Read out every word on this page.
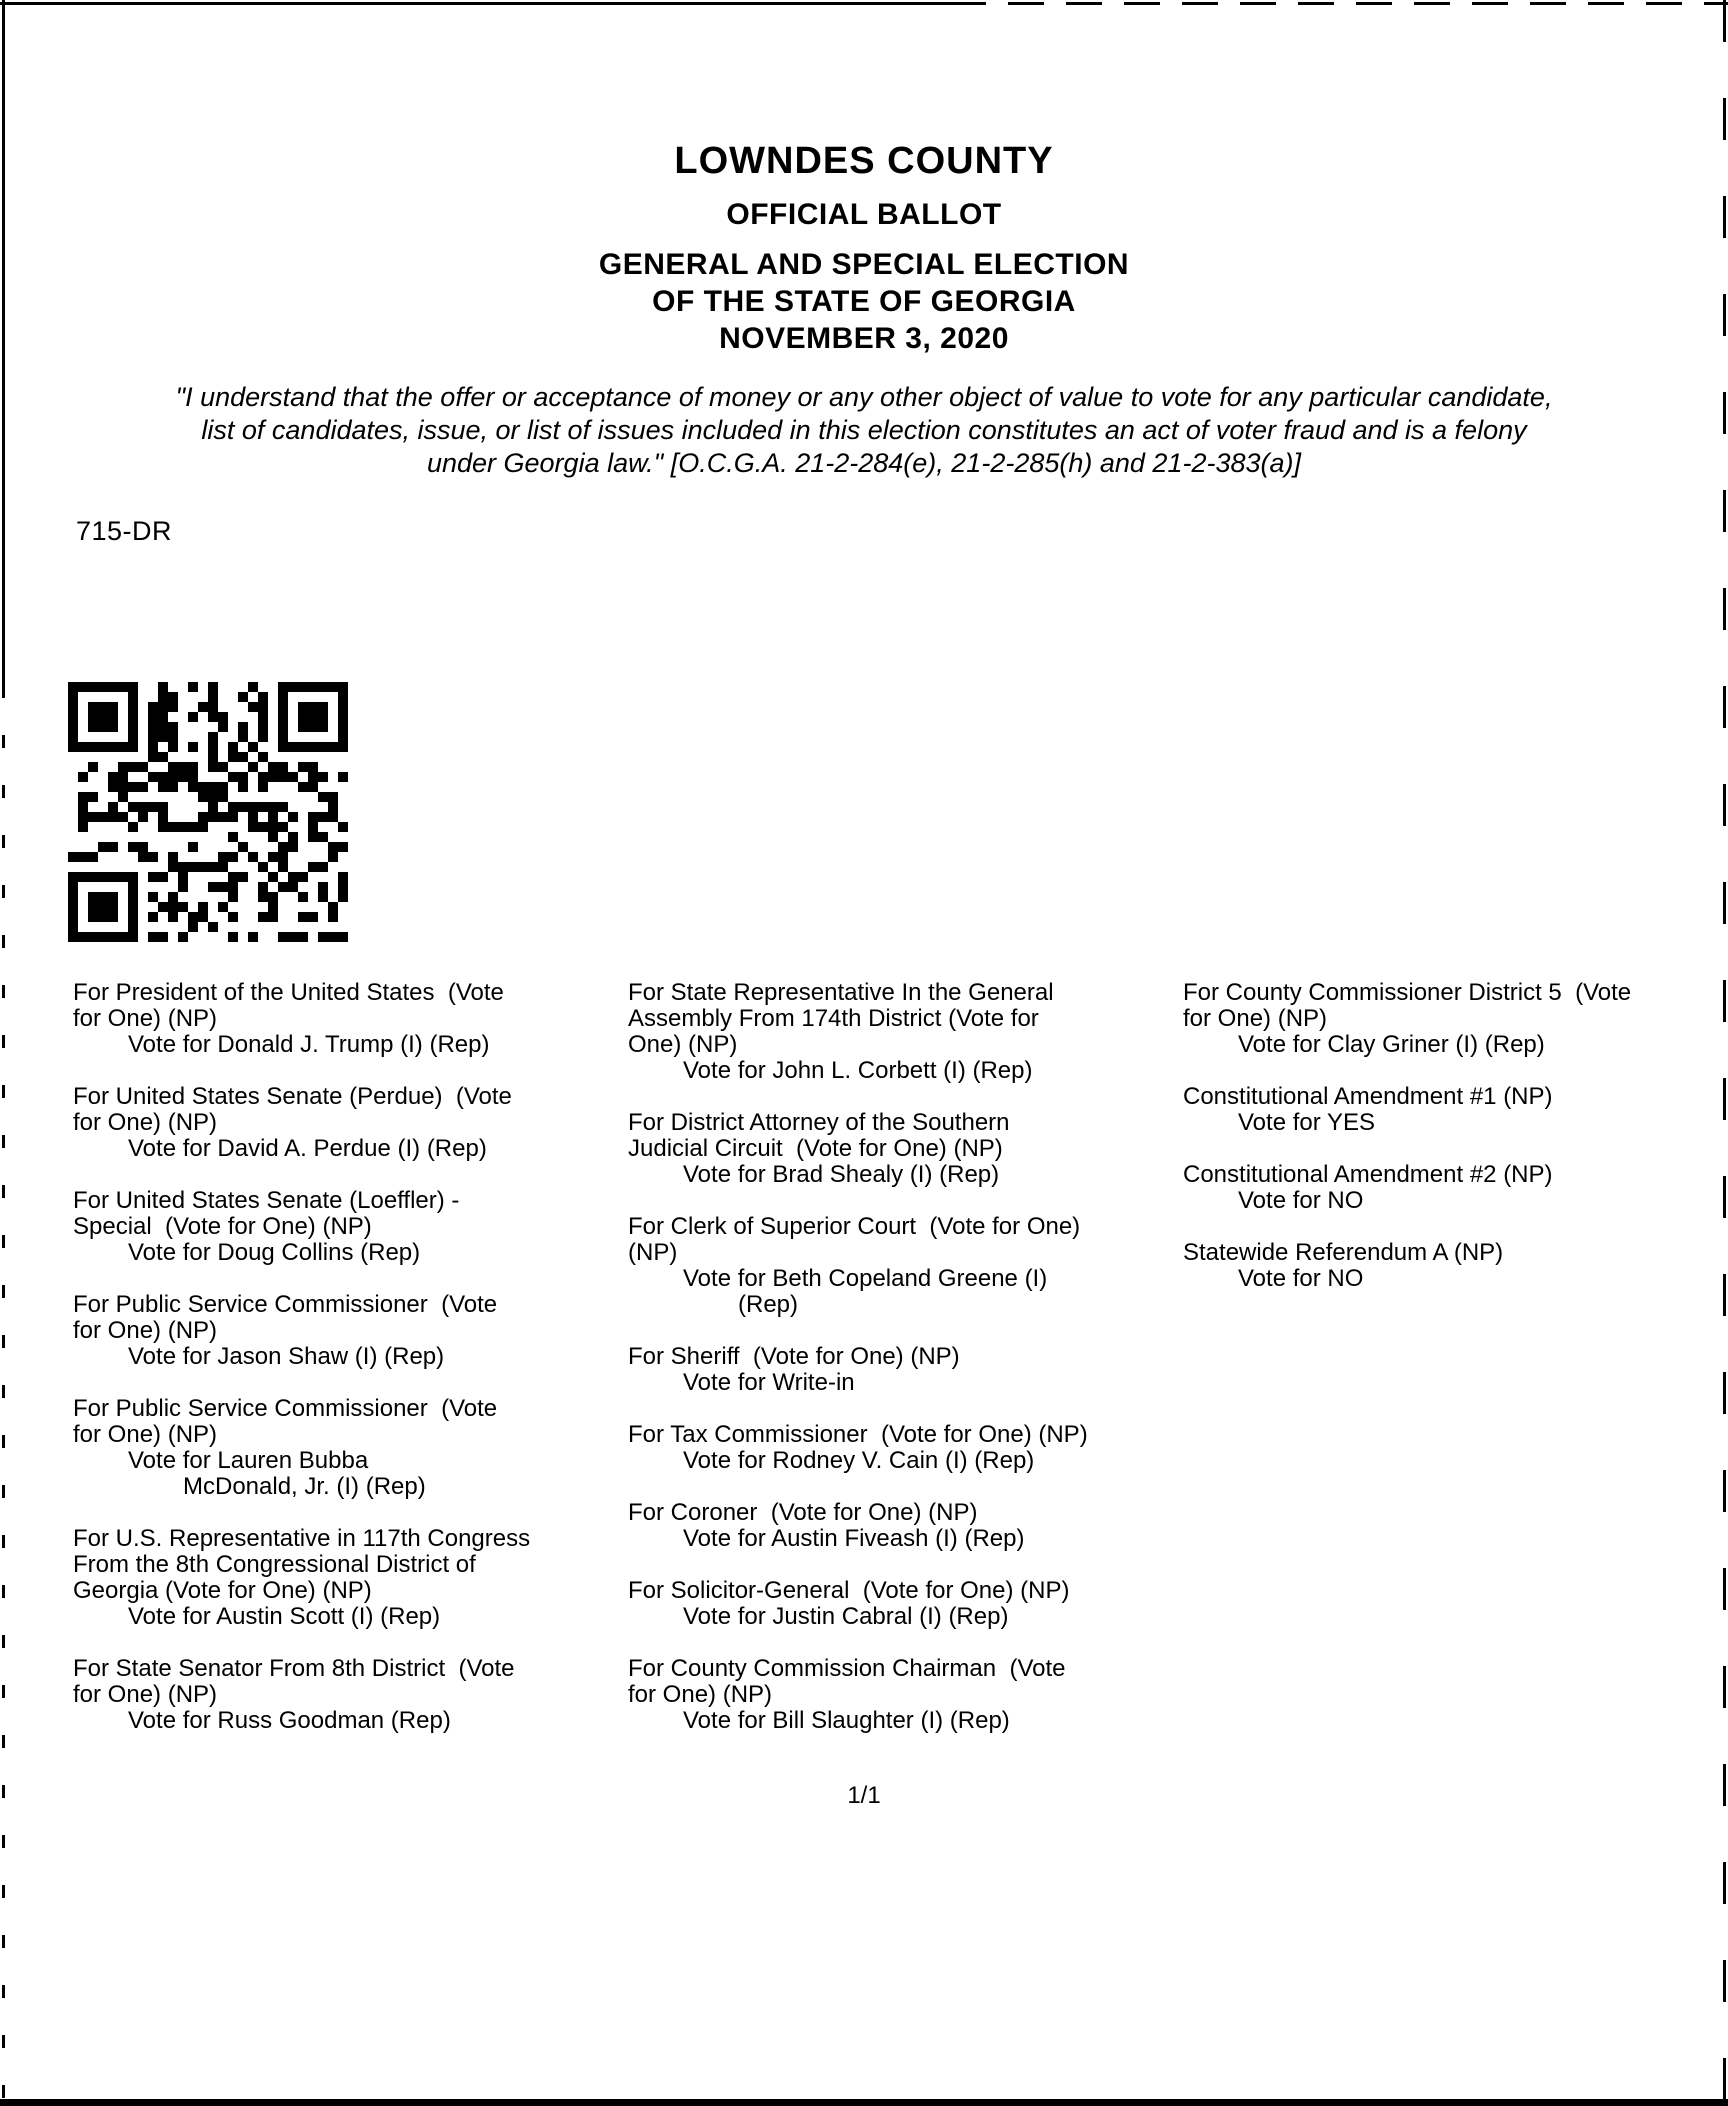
LOWNDES COUNTY
OFFICIAL BALLOT
GENERAL AND SPECIAL ELECTION
OF THE STATE OF GEORGIA
NOVEMBER 3, 2020
"I understand that the offer or acceptance of money or any other object of value to vote for any particular candidate,
list of candidates, issue, or list of issues included in this election constitutes an act of voter fraud and is a felony
under Georgia law." [O.C.G.A. 21-2-284(e), 21-2-285(h) and 21-2-383(a)]
715-DR
For President of the United States  (Vote
for One) (NP)
Vote for Donald J. Trump (I) (Rep)
For United States Senate (Perdue)  (Vote
for One) (NP)
Vote for David A. Perdue (I) (Rep)
For United States Senate (Loeffler) -
Special  (Vote for One) (NP)
Vote for Doug Collins (Rep)
For Public Service Commissioner  (Vote
for One) (NP)
Vote for Jason Shaw (I) (Rep)
For Public Service Commissioner  (Vote
for One) (NP)
Vote for Lauren Bubba
McDonald, Jr. (I) (Rep)
For U.S. Representative in 117th Congress
From the 8th Congressional District of
Georgia (Vote for One) (NP)
Vote for Austin Scott (I) (Rep)
For State Senator From 8th District  (Vote
for One) (NP)
Vote for Russ Goodman (Rep)
For State Representative In the General
Assembly From 174th District (Vote for
One) (NP)
Vote for John L. Corbett (I) (Rep)
For District Attorney of the Southern
Judicial Circuit  (Vote for One) (NP)
Vote for Brad Shealy (I) (Rep)
For Clerk of Superior Court  (Vote for One)
(NP)
Vote for Beth Copeland Greene (I)
(Rep)
For Sheriff  (Vote for One) (NP)
Vote for Write-in
For Tax Commissioner  (Vote for One) (NP)
Vote for Rodney V. Cain (I) (Rep)
For Coroner  (Vote for One) (NP)
Vote for Austin Fiveash (I) (Rep)
For Solicitor-General  (Vote for One) (NP)
Vote for Justin Cabral (I) (Rep)
For County Commission Chairman  (Vote
for One) (NP)
Vote for Bill Slaughter (I) (Rep)
For County Commissioner District 5  (Vote
for One) (NP)
Vote for Clay Griner (I) (Rep)
Constitutional Amendment #1 (NP)
Vote for YES
Constitutional Amendment #2 (NP)
Vote for NO
Statewide Referendum A (NP)
Vote for NO
1/1
